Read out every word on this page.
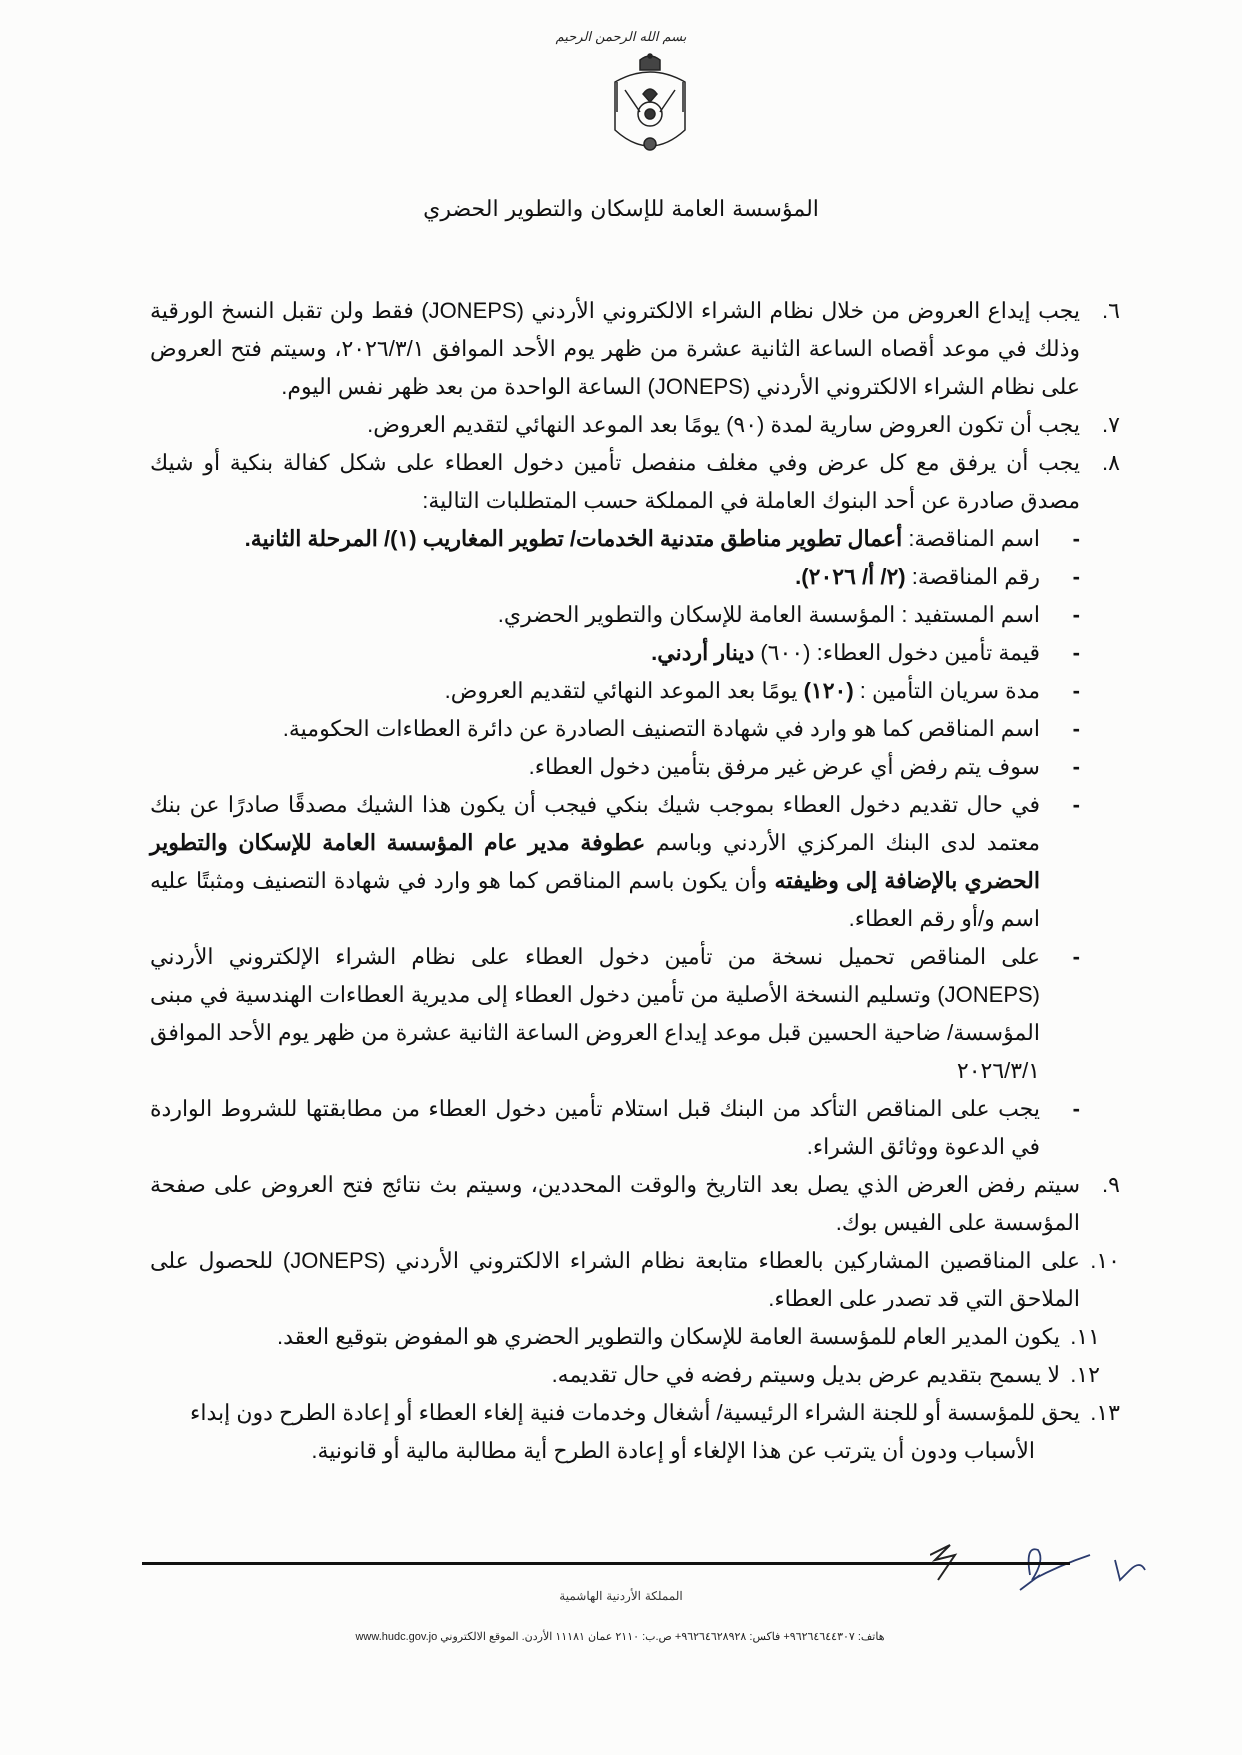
بسم الله الرحمن الرحيم
المؤسسة العامة للإسكان والتطوير الحضري

٦.
يجب إيداع العروض من خلال نظام الشراء الالكتروني الأردني (JONEPS) فقط ولن تقبل النسخ الورقية وذلك في موعد أقصاه الساعة الثانية عشرة من ظهر يوم الأحد الموافق ٢٠٢٦/٣/١، وسيتم فتح العروض على نظام الشراء الالكتروني الأردني (JONEPS) الساعة الواحدة من بعد ظهر نفس اليوم.

٧.
يجب أن تكون العروض سارية لمدة (٩٠) يومًا بعد الموعد النهائي لتقديم العروض.

٨.
يجب أن يرفق مع كل عرض وفي مغلف منفصل تأمين دخول العطاء على شكل كفالة بنكية أو شيك مصدق صادرة عن أحد البنوك العاملة في المملكة حسب المتطلبات التالية:
-
اسم المناقصة: أعمال تطوير مناطق متدنية الخدمات/ تطوير المغاريب (١)/ المرحلة الثانية.
-
رقم المناقصة: (٢/ أ/ ٢٠٢٦).
-
اسم المستفيد : المؤسسة العامة للإسكان والتطوير الحضري.
-
قيمة تأمين دخول العطاء: (٦٠٠) دينار أردني.
-
مدة سريان التأمين : (١٢٠) يومًا بعد الموعد النهائي لتقديم العروض.
-
اسم المناقص كما هو وارد في شهادة التصنيف الصادرة عن دائرة العطاءات الحكومية.
-
سوف يتم رفض أي عرض غير مرفق بتأمين دخول العطاء.
-
في حال تقديم دخول العطاء بموجب شيك بنكي فيجب أن يكون هذا الشيك مصدقًا صادرًا عن بنك معتمد لدى البنك المركزي الأردني وباسم عطوفة مدير عام المؤسسة العامة للإسكان والتطوير الحضري بالإضافة إلى وظيفته وأن يكون باسم المناقص كما هو وارد في شهادة التصنيف ومثبتًا عليه اسم و/أو رقم العطاء.
-
على المناقص تحميل نسخة من تأمين دخول العطاء على نظام الشراء الإلكتروني الأردني (JONEPS) وتسليم النسخة الأصلية من تأمين دخول العطاء إلى مديرية العطاءات الهندسية في مبنى المؤسسة/ ضاحية الحسين قبل موعد إيداع العروض الساعة الثانية عشرة من ظهر يوم الأحد الموافق ٢٠٢٦/٣/١
-
يجب على المناقص التأكد من البنك قبل استلام تأمين دخول العطاء من مطابقتها للشروط الواردة في الدعوة ووثائق الشراء.

٩.
سيتم رفض العرض الذي يصل بعد التاريخ والوقت المحددين، وسيتم بث نتائج فتح العروض على صفحة المؤسسة على الفيس بوك.

١٠.
على المناقصين المشاركين بالعطاء متابعة نظام الشراء الالكتروني الأردني (JONEPS) للحصول على الملاحق التي قد تصدر على العطاء.

١١.
يكون المدير العام للمؤسسة العامة للإسكان والتطوير الحضري هو المفوض بتوقيع العقد.

١٢.
لا يسمح بتقديم عرض بديل وسيتم رفضه في حال تقديمه.

١٣.
يحق للمؤسسة أو للجنة الشراء الرئيسية/ أشغال وخدمات فنية إلغاء العطاء أو إعادة الطرح دون إبداء
الأسباب ودون أن يترتب عن هذا الإلغاء أو إعادة الطرح أية مطالبة مالية أو قانونية.
المملكة الأردنية الهاشمية
هاتف: ٩٦٢٦٤٦٤٤٣٠٧+ فاكس: ٩٦٢٦٤٦٢٨٩٢٨+ ص.ب: ٢١١٠ عمان ١١١٨١ الأردن. الموقع الالكتروني www.hudc.gov.jo
